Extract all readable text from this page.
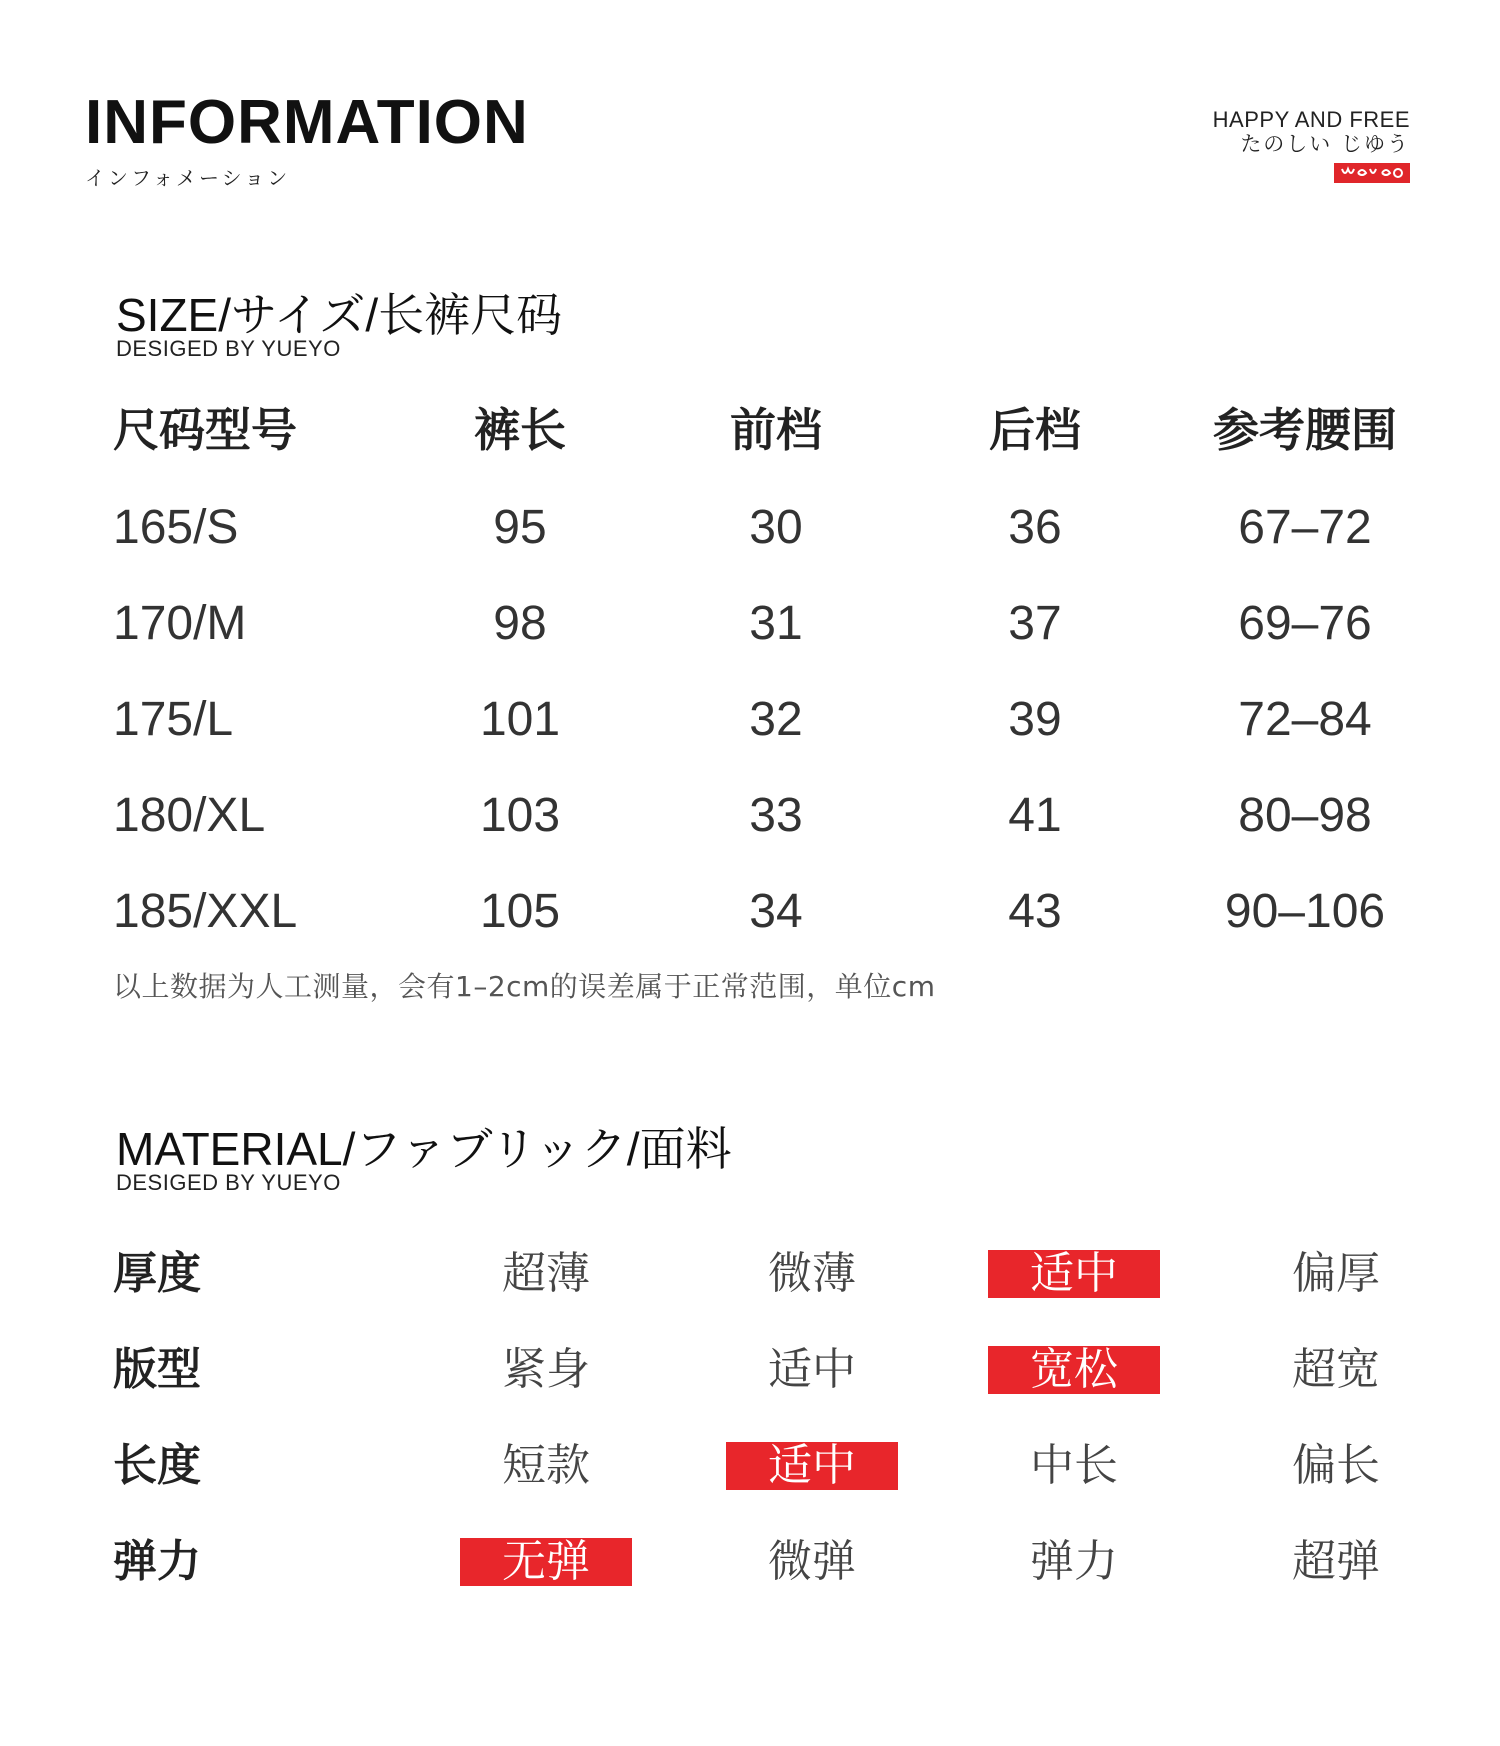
INFORMATION
インフォメーション
HAPPY AND FREE
たのしい じゆう
SIZE/サイズ/长裤尺码
DESIGED BY YUEYO
尺码型号	裤长	前档	后档	参考腰围
165/S	95	30	36	67–72
170/M	98	31	37	69–76
175/L	101	32	39	72–84
180/XL	103	33	41	80–98
185/XXL	105	34	43	90–106
以上数据为人工测量，会有1–2cm的误差属于正常范围，单位cm
MATERIAL/ファブリック/面料
DESIGED BY YUEYO
厚度	超薄	微薄	适中	偏厚
版型	紧身	适中	宽松	超宽
长度	短款	适中	中长	偏长
弹力	无弹	微弹	弹力	超弹
